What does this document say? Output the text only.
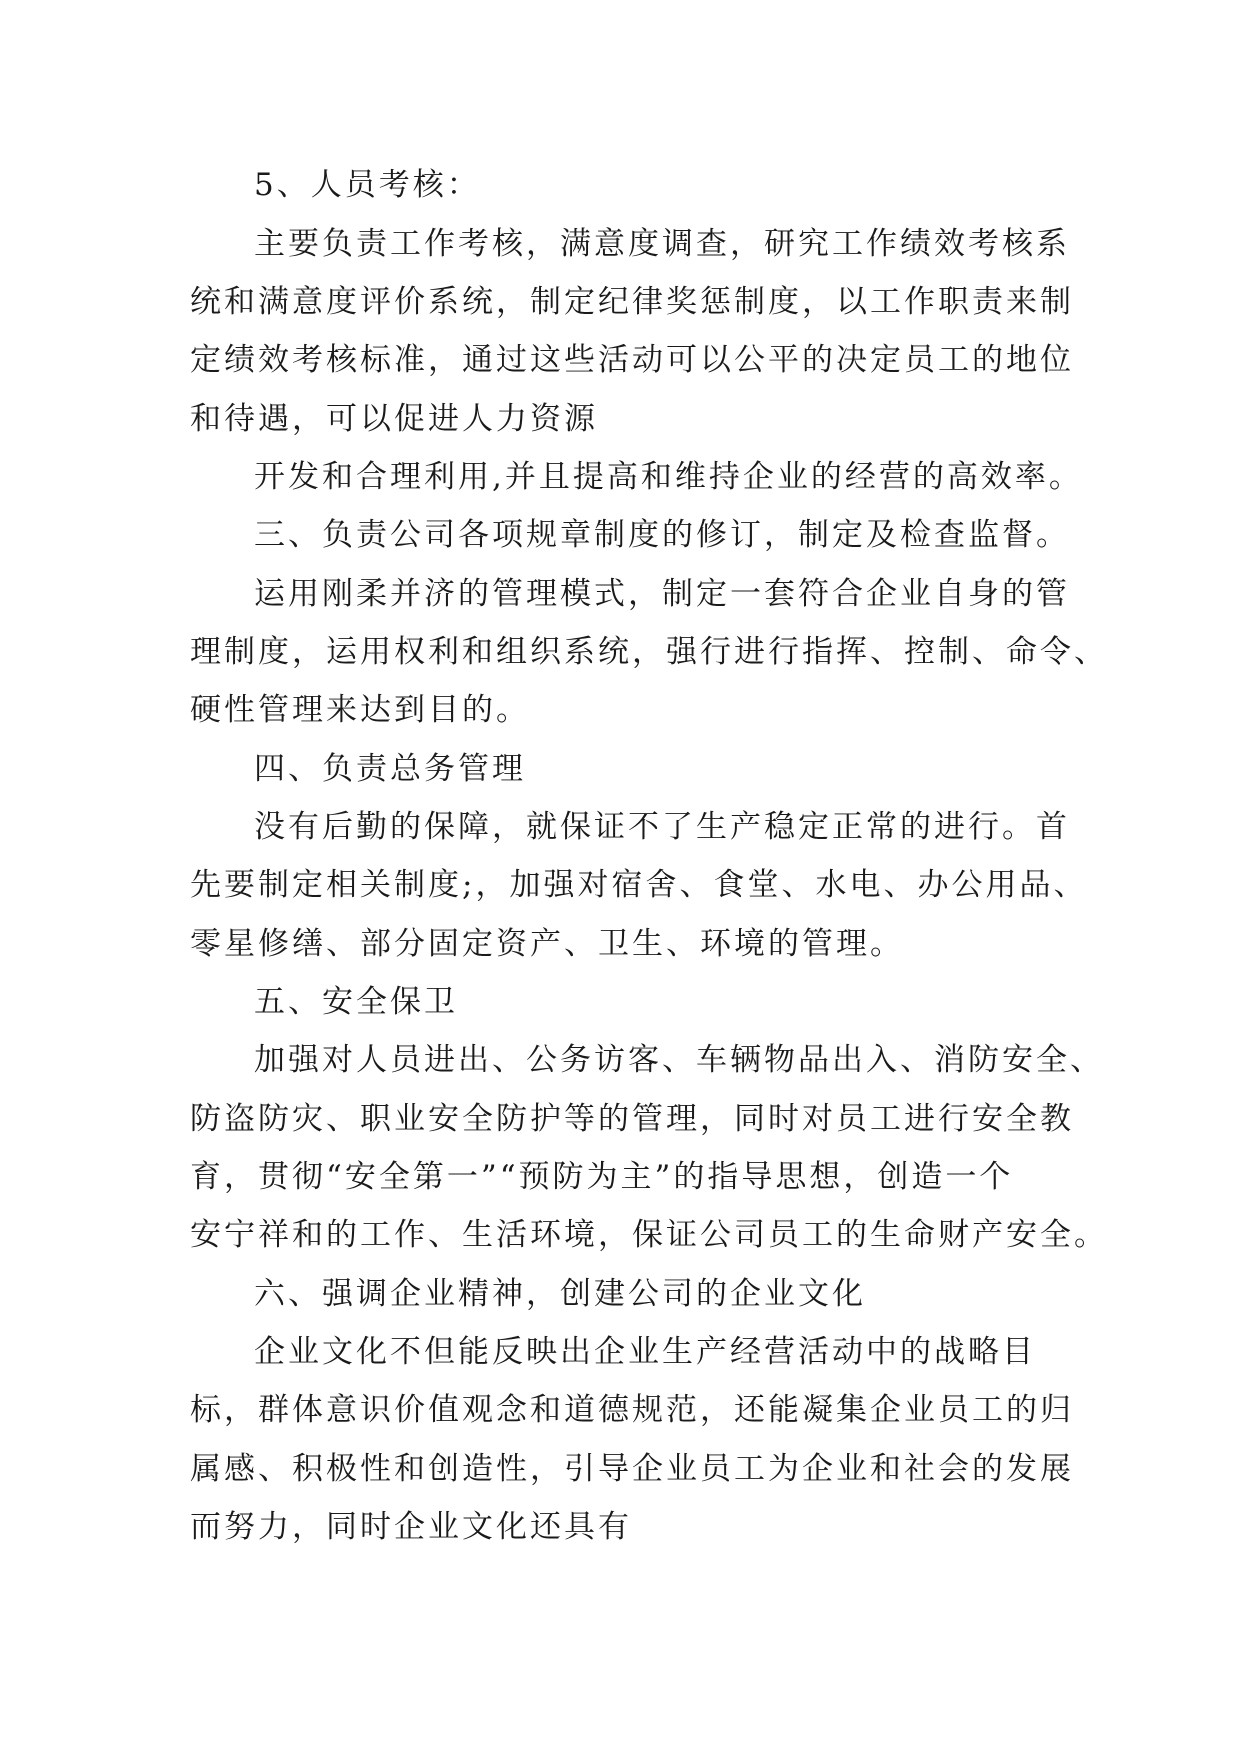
5、人员考核：
主要负责工作考核，满意度调查，研究工作绩效考核系
统和满意度评价系统，制定纪律奖惩制度，以工作职责来制
定绩效考核标准，通过这些活动可以公平的决定员工的地位
和待遇，可以促进人力资源
开发和合理利用,并且提高和维持企业的经营的高效率。
三、负责公司各项规章制度的修订，制定及检查监督。
运用刚柔并济的管理模式，制定一套符合企业自身的管
理制度，运用权利和组织系统，强行进行指挥、控制、命令、
硬性管理来达到目的。
四、负责总务管理
没有后勤的保障，就保证不了生产稳定正常的进行。首
先要制定相关制度;，加强对宿舍、食堂、水电、办公用品、
零星修缮、部分固定资产、卫生、环境的管理。
五、安全保卫
加强对人员进出、公务访客、车辆物品出入、消防安全、
防盗防灾、职业安全防护等的管理，同时对员工进行安全教
育，贯彻“安全第一”“预防为主”的指导思想，创造一个
安宁祥和的工作、生活环境，保证公司员工的生命财产安全。
六、强调企业精神，创建公司的企业文化
企业文化不但能反映出企业生产经营活动中的战略目
标，群体意识价值观念和道德规范，还能凝集企业员工的归
属感、积极性和创造性，引导企业员工为企业和社会的发展
而努力，同时企业文化还具有
